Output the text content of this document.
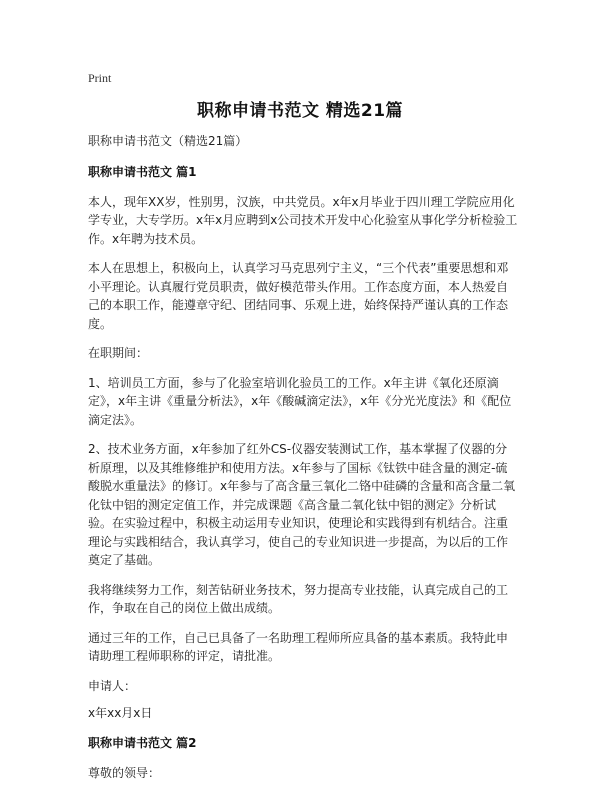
Print
职称申请书范文 精选21篇

职称申请书范文（精选21篇）

职称申请书范文 篇1

本人，现年XX岁，性别男，汉族，中共党员。x年x月毕业于四川理工学院应用化学专业，大专学历。x年x月应聘到x公司技术开发中心化验室从事化学分析检验工作。x年聘为技术员。

本人在思想上，积极向上，认真学习马克思列宁主义，“三个代表”重要思想和邓小平理论。认真履行党员职责，做好模范带头作用。工作态度方面，本人热爱自己的本职工作，能遵章守纪、团结同事、乐观上进，始终保持严谨认真的工作态度。

在职期间：

1、培训员工方面，参与了化验室培训化验员工的工作。x年主讲《氧化还原滴定》，x年主讲《重量分析法》，x年《酸碱滴定法》，x年《分光光度法》和《配位滴定法》。

2、技术业务方面，x年参加了红外CS-仪器安装测试工作，基本掌握了仪器的分析原理，以及其维修维护和使用方法。x年参与了国标《钛铁中硅含量的测定-硫酸脱水重量法》的修订。x年参与了高含量三氧化二铬中硅磷的含量和高含量二氧化钛中铝的测定定值工作，并完成课题《高含量二氧化钛中铝的测定》分析试验。在实验过程中，积极主动运用专业知识，使理论和实践得到有机结合。注重理论与实践相结合，我认真学习，使自己的专业知识进一步提高，为以后的工作奠定了基础。

我将继续努力工作，刻苦钻研业务技术，努力提高专业技能，认真完成自己的工作，争取在自己的岗位上做出成绩。

通过三年的工作，自己已具备了一名助理工程师所应具备的基本素质。我特此申请助理工程师职称的评定，请批准。

申请人：

x年xx月x日

职称申请书范文 篇2

尊敬的领导：
